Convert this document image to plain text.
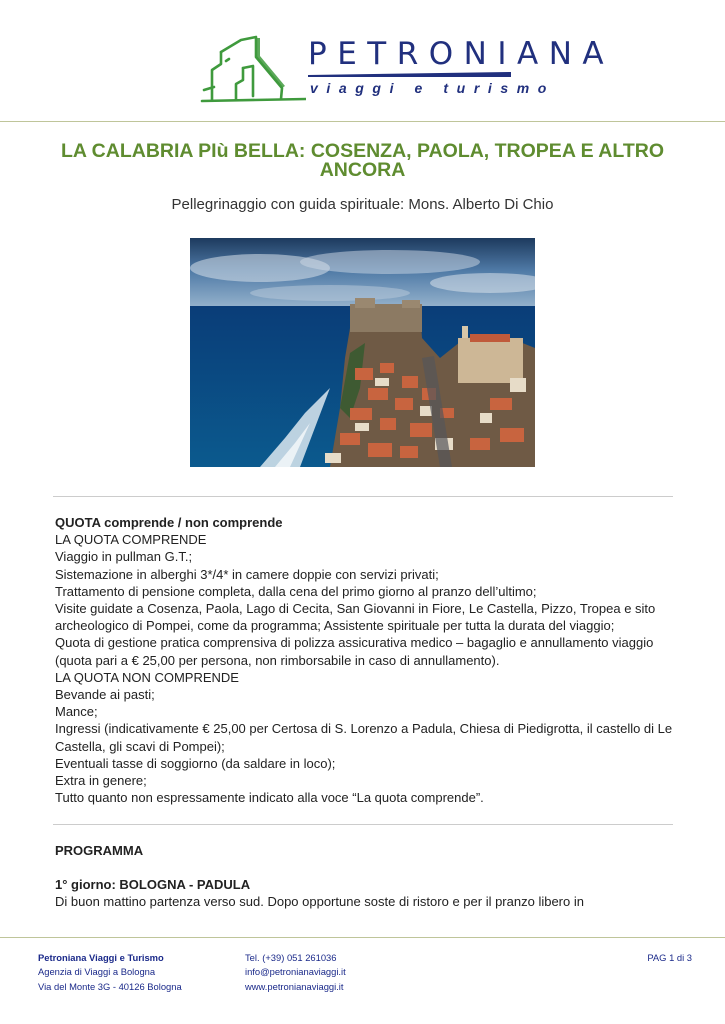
PETRONIANA
viaggi e turismo
LA CALABRIA PIù BELLA: COSENZA, PAOLA, TROPEA E ALTRO ANCORA
Pellegrinaggio con guida spirituale: Mons. Alberto Di Chio

QUOTA comprende / non comprende

LA QUOTA COMPRENDE

Viaggio in pullman G.T.;

Sistemazione in alberghi 3*/4* in camere doppie con servizi privati;

Trattamento di pensione completa, dalla cena del primo giorno al pranzo dell’ultimo;

Visite guidate a Cosenza, Paola, Lago di Cecita, San Giovanni in Fiore, Le Castella, Pizzo, Tropea e sito archeologico di Pompei, come da programma; Assistente spirituale per tutta la durata del viaggio;

Quota di gestione pratica comprensiva di polizza assicurativa medico – bagaglio e annullamento viaggio (quota pari a € 25,00 per persona, non rimborsabile in caso di annullamento).

LA QUOTA NON COMPRENDE

Bevande ai pasti;

Mance;

Ingressi (indicativamente € 25,00 per Certosa di S. Lorenzo a Padula, Chiesa di Piedigrotta, il castello di Le Castella, gli scavi di Pompei);

Eventuali tasse di soggiorno (da saldare in loco);

Extra in genere;

Tutto quanto non espressamente indicato alla voce “La quota comprende”.

PROGRAMMA

1° giorno: BOLOGNA - PADULA

Di buon mattino partenza verso sud. Dopo opportune soste di ristoro e per il pranzo libero in

Petroniana Viaggi e Turismo

Agenzia di Viaggi a Bologna

Via del Monte 3G - 40126 Bologna

Tel. (+39) 051 261036

info@petronianaviaggi.it

www.petronianaviaggi.it

PAG 1 di 3
